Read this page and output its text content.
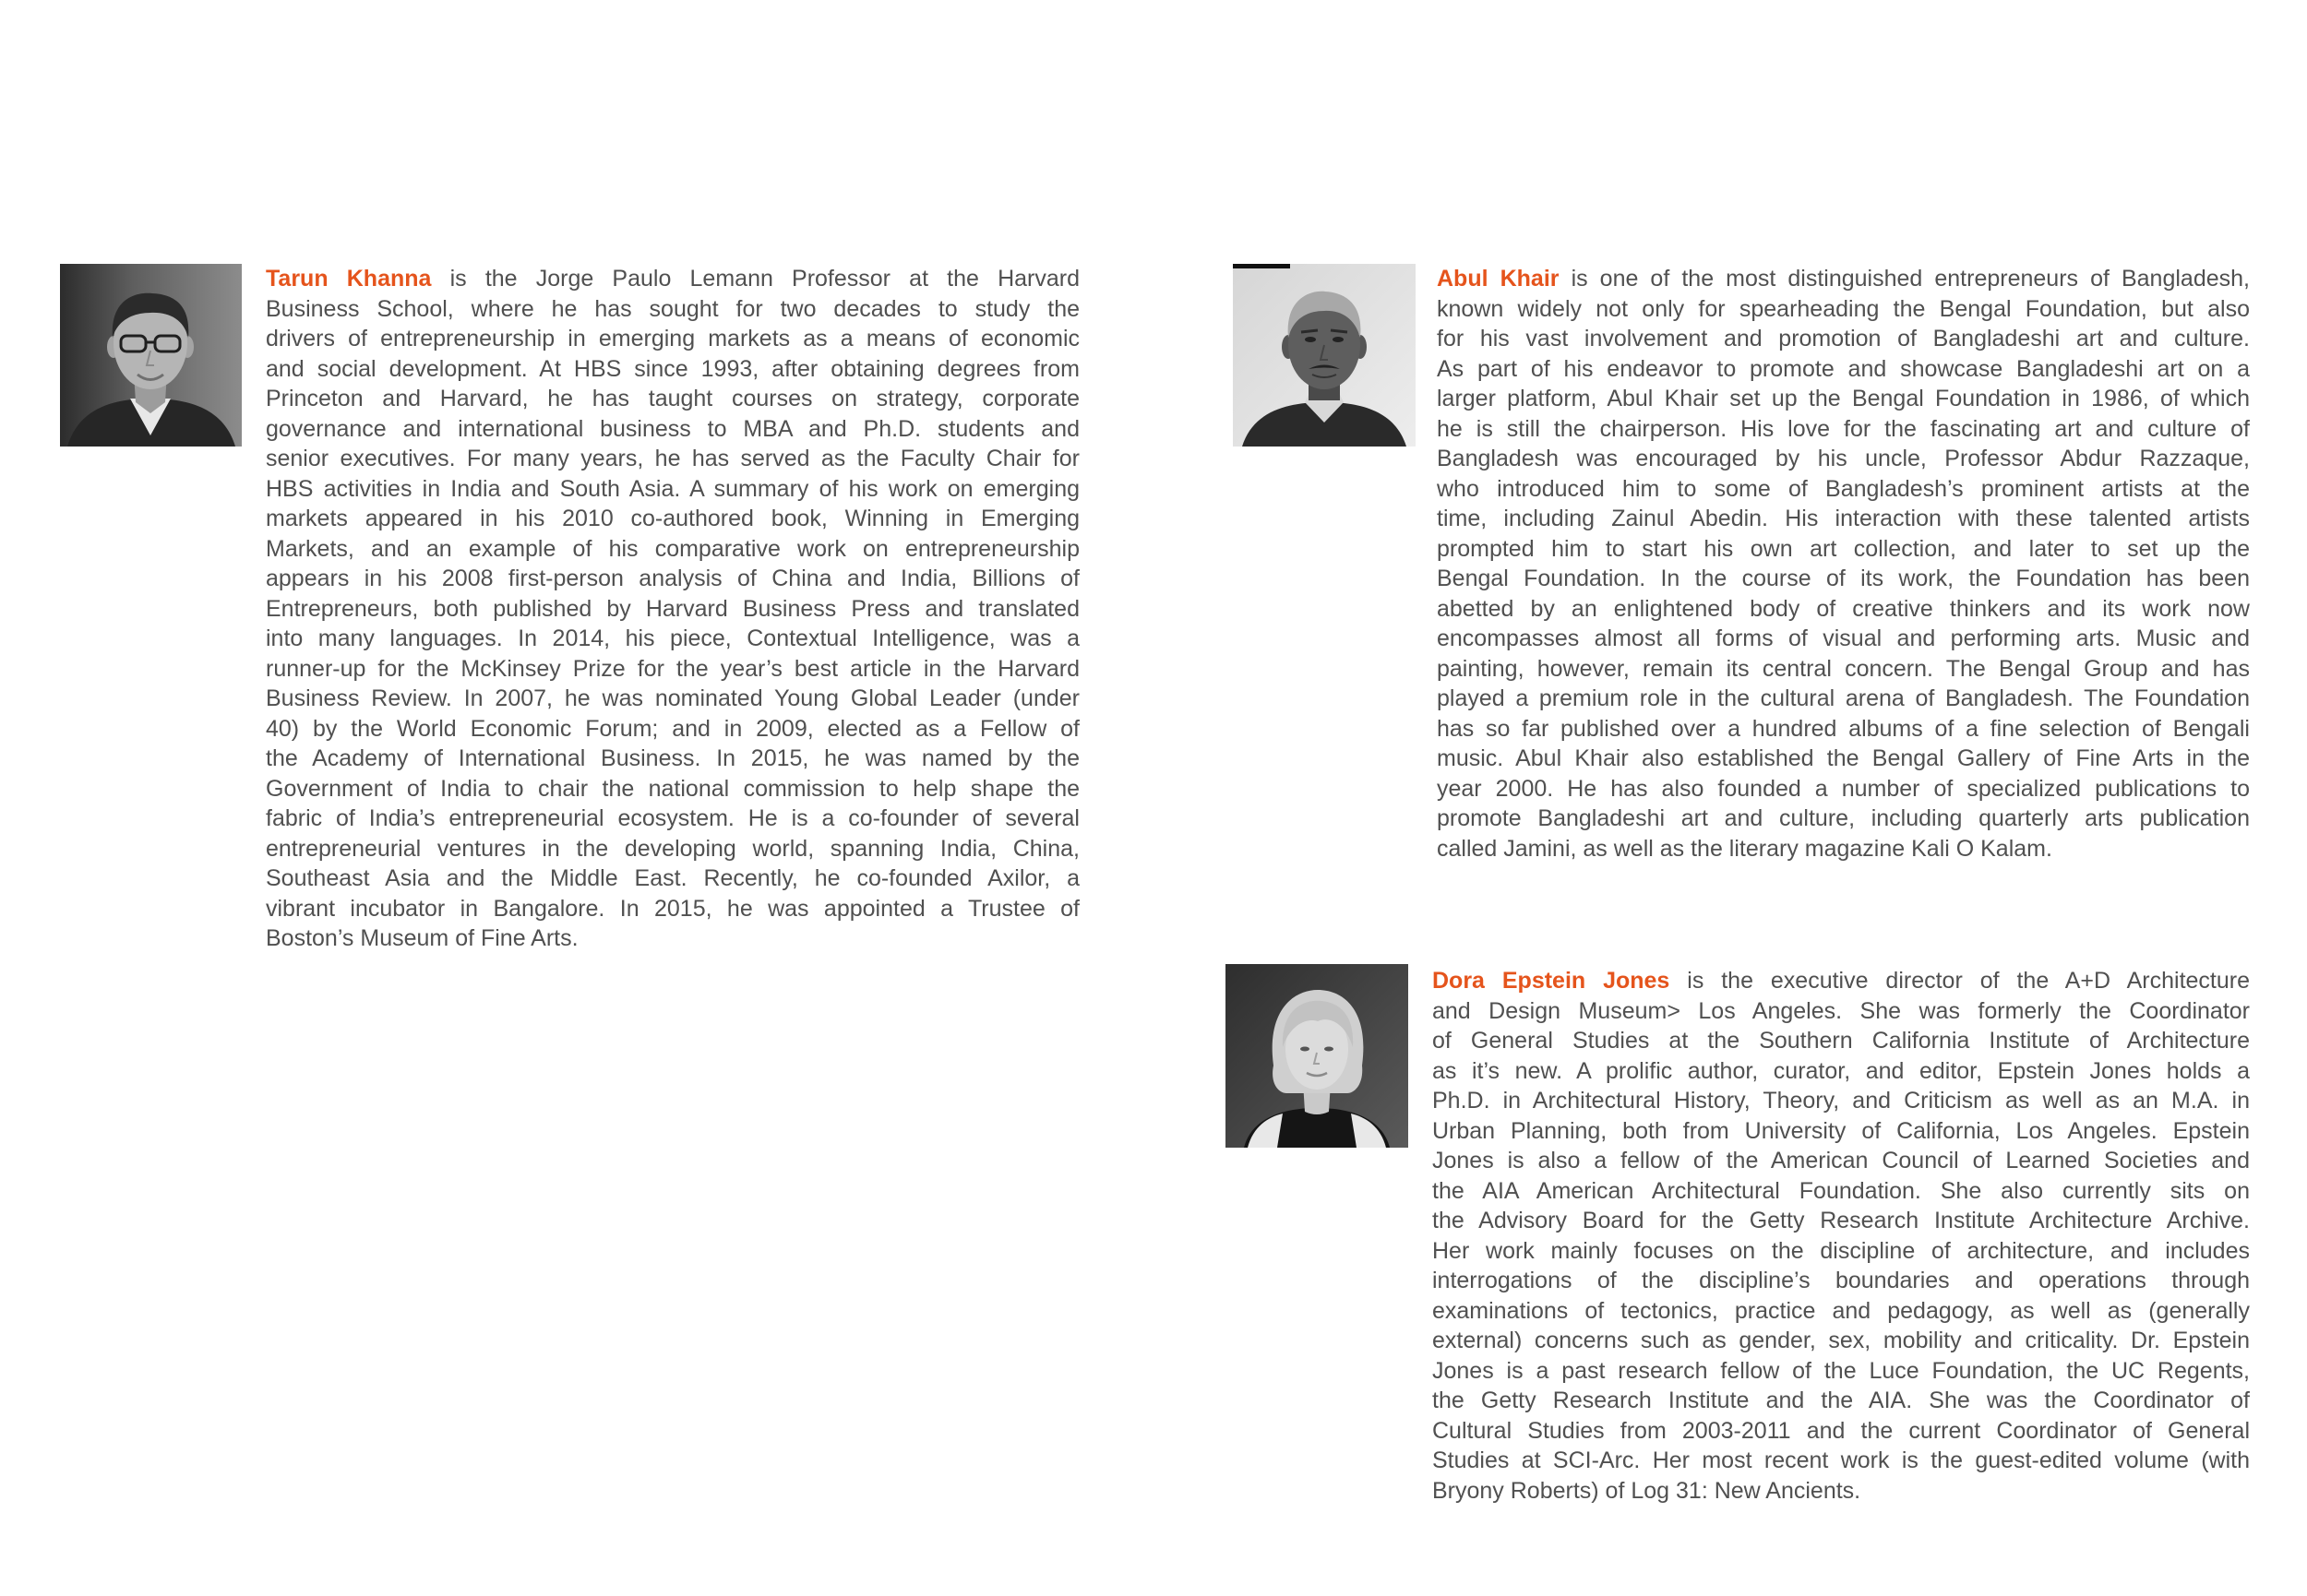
Tarun Khanna is the Jorge Paulo Lemann Professor at the Harvard
Business School, where he has sought for two decades to study the
drivers of entrepreneurship in emerging markets as a means of economic
and social development. At HBS since 1993, after obtaining degrees from
Princeton and Harvard, he has taught courses on strategy, corporate
governance and international business to MBA and Ph.D. students and
senior executives. For many years, he has served as the Faculty Chair for
HBS activities in India and South Asia. A summary of his work on emerging
markets appeared in his 2010 co-authored book, Winning in Emerging
Markets, and an example of his comparative work on entrepreneurship
appears in his 2008 first-person analysis of China and India, Billions of
Entrepreneurs, both published by Harvard Business Press and translated
into many languages. In 2014, his piece, Contextual Intelligence, was a
runner-up for the McKinsey Prize for the year’s best article in the Harvard
Business Review. In 2007, he was nominated Young Global Leader (under
40) by the World Economic Forum; and in 2009, elected as a Fellow of
the Academy of International Business. In 2015, he was named by the
Government of India to chair the national commission to help shape the
fabric of India’s entrepreneurial ecosystem. He is a co-founder of several
entrepreneurial ventures in the developing world, spanning India, China,
Southeast Asia and the Middle East. Recently, he co-founded Axilor, a
vibrant incubator in Bangalore. In 2015, he was appointed a Trustee of
Boston’s Museum of Fine Arts.
Abul Khair is one of the most distinguished entrepreneurs of Bangladesh,
known widely not only for spearheading the Bengal Foundation, but also
for his vast involvement and promotion of Bangladeshi art and culture.
As part of his endeavor to promote and showcase Bangladeshi art on a
larger platform, Abul Khair set up the Bengal Foundation in 1986, of which
he is still the chairperson. His love for the fascinating art and culture of
Bangladesh was encouraged by his uncle, Professor Abdur Razzaque,
who introduced him to some of Bangladesh’s prominent artists at the
time, including Zainul Abedin. His interaction with these talented artists
prompted him to start his own art collection, and later to set up the
Bengal Foundation. In the course of its work, the Foundation has been
abetted by an enlightened body of creative thinkers and its work now
encompasses almost all forms of visual and performing arts. Music and
painting, however, remain its central concern. The Bengal Group and has
played a premium role in the cultural arena of Bangladesh. The Foundation
has so far published over a hundred albums of a fine selection of Bengali
music. Abul Khair also established the Bengal Gallery of Fine Arts in the
year 2000. He has also founded a number of specialized publications to
promote Bangladeshi art and culture, including quarterly arts publication
called Jamini, as well as the literary magazine Kali O Kalam.
Dora Epstein Jones is the executive director of the A+D Architecture
and Design Museum> Los Angeles. She was formerly the Coordinator
of General Studies at the Southern California Institute of Architecture
as it’s new. A prolific author, curator, and editor, Epstein Jones holds a
Ph.D. in Architectural History, Theory, and Criticism as well as an M.A. in
Urban Planning, both from University of California, Los Angeles. Epstein
Jones is also a fellow of the American Council of Learned Societies and
the AIA American Architectural Foundation. She also currently sits on
the Advisory Board for the Getty Research Institute Architecture Archive.
Her work mainly focuses on the discipline of architecture, and includes
interrogations of the discipline’s boundaries and operations through
examinations of tectonics, practice and pedagogy, as well as (generally
external) concerns such as gender, sex, mobility and criticality. Dr. Epstein
Jones is a past research fellow of the Luce Foundation, the UC Regents,
the Getty Research Institute and the AIA. She was the Coordinator of
Cultural Studies from 2003-2011 and the current Coordinator of General
Studies at SCI-Arc. Her most recent work is the guest-edited volume (with
Bryony Roberts) of Log 31: New Ancients.
